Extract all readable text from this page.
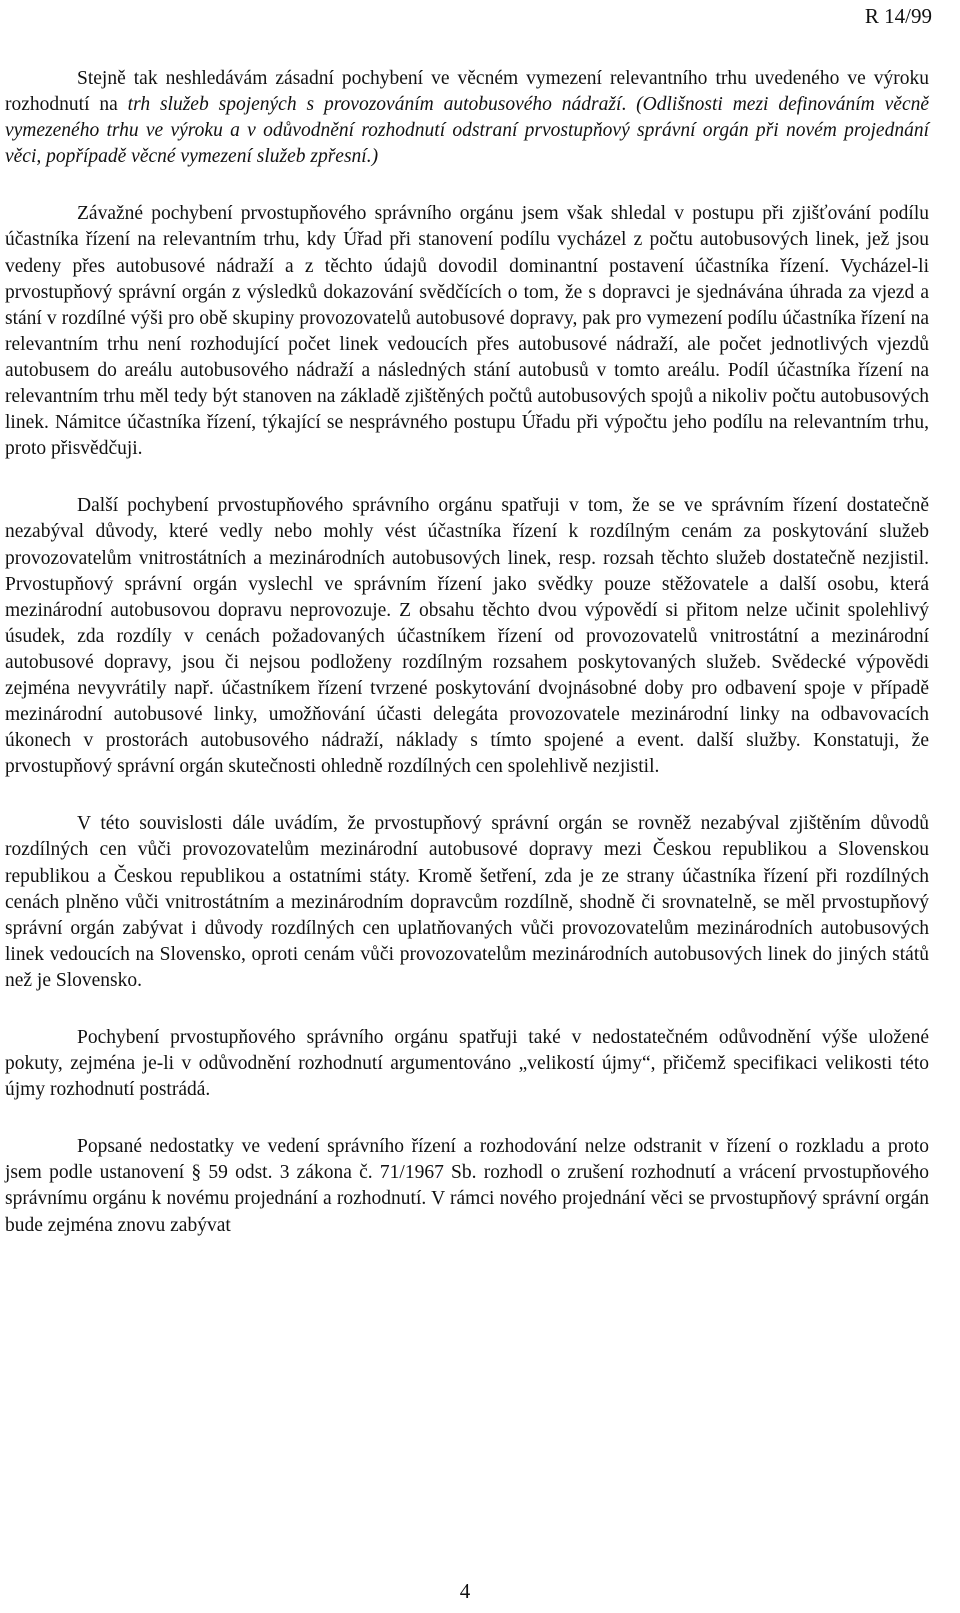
R 14/99

Stejně tak neshledávám zásadní pochybení ve věcném vymezení relevantního trhu uvedeného ve výroku rozhodnutí na trh služeb spojených s provozováním autobusového nádraží. (Odlišnosti mezi definováním věcně vymezeného trhu ve výroku a v odůvodnění rozhodnutí odstraní prvostupňový správní orgán při novém projednání věci, popřípadě věcné vymezení služeb zpřesní.)

Závažné pochybení prvostupňového správního orgánu jsem však shledal v postupu při zjišťování podílu účastníka řízení na relevantním trhu, kdy Úřad při stanovení podílu vycházel z počtu autobusových linek, jež jsou vedeny přes autobusové nádraží a z těchto údajů dovodil dominantní postavení účastníka řízení. Vycházel-li prvostupňový správní orgán z výsledků dokazování svědčících o tom, že s dopravci je sjednávána úhrada za vjezd a stání v rozdílné výši pro obě skupiny provozovatelů autobusové dopravy, pak pro vymezení podílu účastníka řízení na relevantním trhu není rozhodující počet linek vedoucích přes autobusové nádraží, ale počet jednotlivých vjezdů autobusem do areálu autobusového nádraží a následných stání autobusů v tomto areálu. Podíl účastníka řízení na relevantním trhu měl tedy být stanoven na základě zjištěných počtů autobusových spojů a nikoliv počtu autobusových linek. Námitce účastníka řízení, týkající se nesprávného postupu Úřadu při výpočtu jeho podílu na relevantním trhu, proto přisvědčuji.

Další pochybení prvostupňového správního orgánu spatřuji v tom, že se ve správním řízení dostatečně nezabýval důvody, které vedly nebo mohly vést účastníka řízení k rozdílným cenám za poskytování služeb provozovatelům vnitrostátních a mezinárodních autobusových linek, resp. rozsah těchto služeb dostatečně nezjistil. Prvostupňový správní orgán vyslechl ve správním řízení jako svědky pouze stěžovatele a další osobu, která mezinárodní autobusovou dopravu neprovozuje. Z obsahu těchto dvou výpovědí si přitom nelze učinit spolehlivý úsudek, zda rozdíly v cenách požadovaných účastníkem řízení od provozovatelů vnitrostátní a mezinárodní autobusové dopravy, jsou či nejsou podloženy rozdílným rozsahem poskytovaných služeb. Svědecké výpovědi zejména nevyvrátily např. účastníkem řízení tvrzené poskytování dvojnásobné doby pro odbavení spoje v případě mezinárodní autobusové linky, umožňování účasti delegáta provozovatele mezinárodní linky na odbavovacích úkonech v prostorách autobusového nádraží, náklady s tímto spojené a event. další služby. Konstatuji, že prvostupňový správní orgán skutečnosti ohledně rozdílných cen spolehlivě nezjistil.

V této souvislosti dále uvádím, že prvostupňový správní orgán se rovněž nezabýval zjištěním důvodů rozdílných cen vůči provozovatelům mezinárodní autobusové dopravy mezi Českou republikou a Slovenskou republikou a Českou republikou a ostatními státy. Kromě šetření, zda je ze strany účastníka řízení při rozdílných cenách plněno vůči vnitrostátním a mezinárodním dopravcům rozdílně, shodně či srovnatelně, se měl prvostupňový správní orgán zabývat i důvody rozdílných cen uplatňovaných vůči provozovatelům mezinárodních autobusových linek vedoucích na Slovensko, oproti cenám vůči provozovatelům mezinárodních autobusových linek do jiných států než je Slovensko.

Pochybení prvostupňového správního orgánu spatřuji také v nedostatečném odůvodnění výše uložené pokuty, zejména je-li v odůvodnění rozhodnutí argumentováno „velikostí újmy“, přičemž specifikaci velikosti této újmy rozhodnutí postrádá.

Popsané nedostatky ve vedení správního řízení a rozhodování nelze odstranit v řízení o rozkladu a proto jsem podle ustanovení § 59 odst. 3 zákona č. 71/1967 Sb. rozhodl o zrušení rozhodnutí a vrácení prvostupňového správnímu orgánu k novému projednání a rozhodnutí. V rámci nového projednání věci se prvostupňový správní orgán bude zejména znovu zabývat

4
